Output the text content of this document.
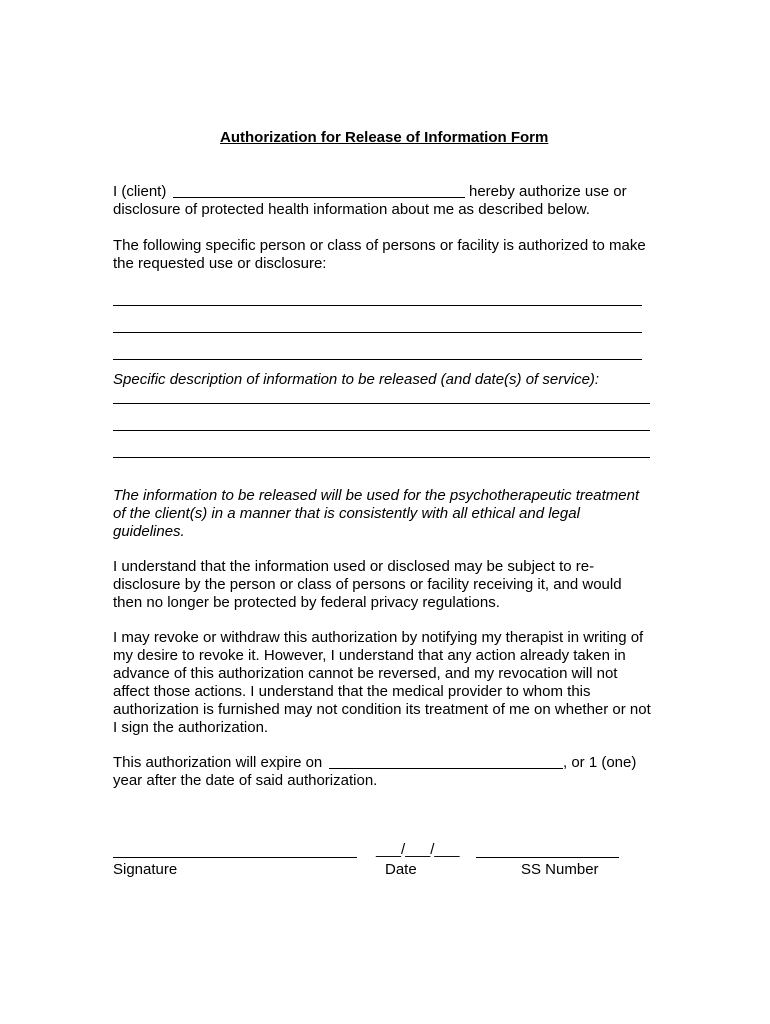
Authorization for Release of Information Form
I (client)	hereby authorize use or
disclosure of protected health information about me as described below.
The following specific person or class of persons or facility is authorized to make
the requested use or disclosure:
Specific description of information to be released (and date(s) of service):
The information to be released will be used for the psychotherapeutic treatment
of the client(s) in a manner that is consistently with all ethical and legal
guidelines.
I understand that the information used or disclosed may be subject to re-
disclosure by the person or class of persons or facility receiving it, and would
then no longer be protected by federal privacy regulations.
I may revoke or withdraw this authorization by notifying my therapist in writing of
my desire to revoke it. However, I understand that any action already taken in
advance of this authorization cannot be reversed, and my revocation will not
affect those actions. I understand that the medical provider to whom this
authorization is furnished may not condition its treatment of me on whether or not
I sign the authorization.
This authorization will expire on	, or 1 (one)
year after the date of said authorization.
___/___/___
Signature	Date	SS Number
